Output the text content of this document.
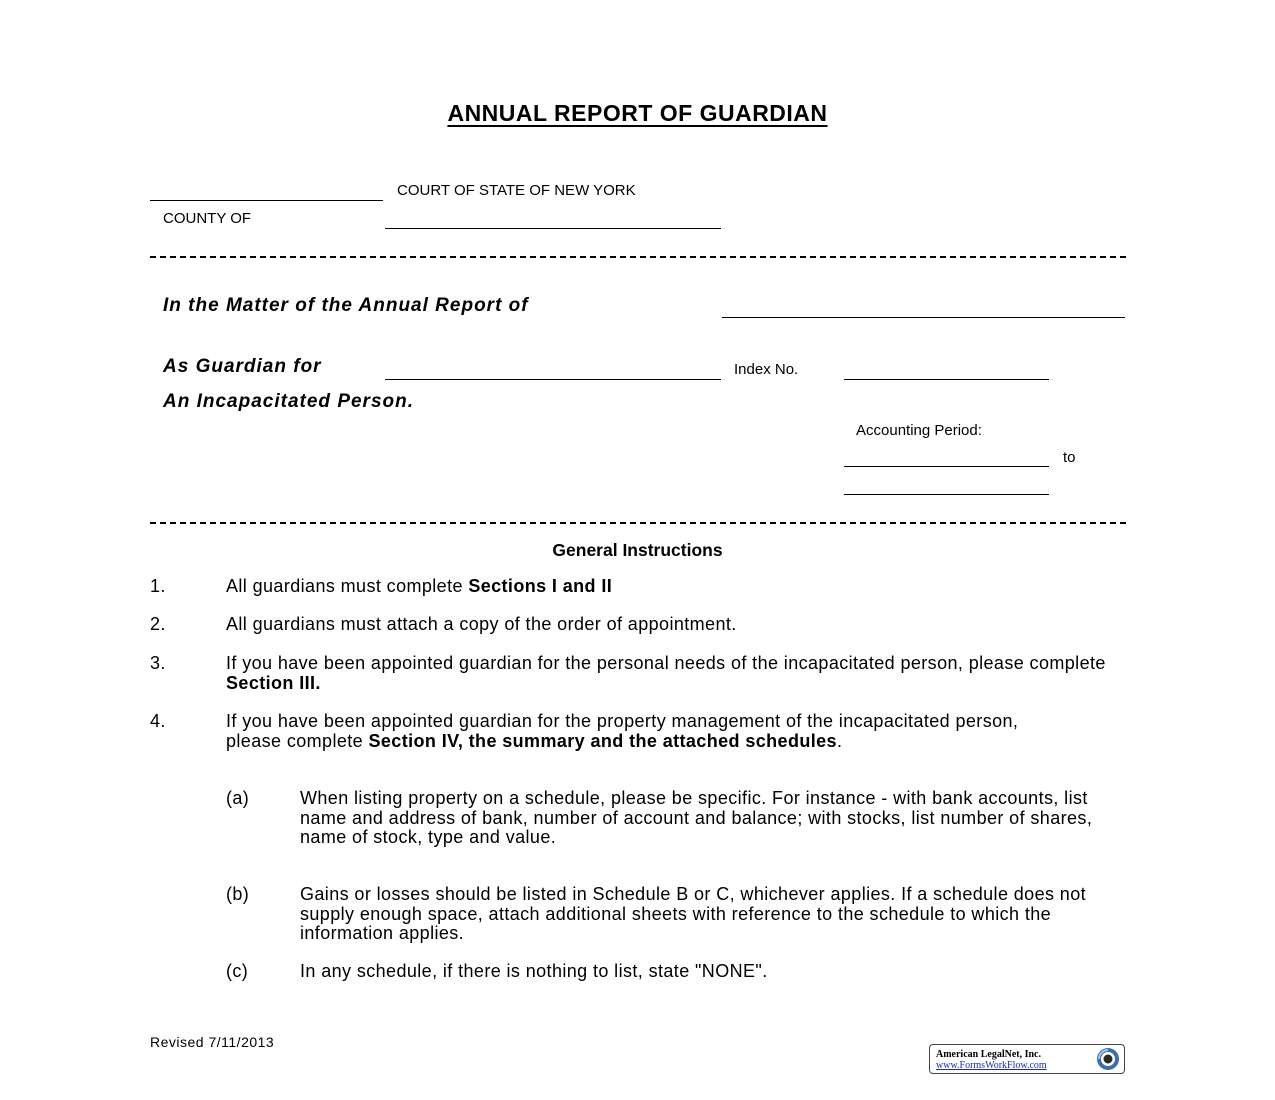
ANNUAL REPORT OF GUARDIAN
COURT OF STATE OF NEW YORK
COUNTY OF
In the Matter of the Annual Report of
As Guardian for	Index No.
An Incapacitated Person.
Accounting Period:
to
General Instructions
1.	All guardians must complete Sections I and II
2.	All guardians must attach a copy of the order of appointment.
3.	If you have been appointed guardian for the personal needs of the incapacitated person, please complete Section III.
4.	If you have been appointed guardian for the property management of the incapacitated person, please complete Section IV, the summary and the attached schedules.
(a)	When listing property on a schedule, please be specific. For instance - with bank accounts, list name and address of bank, number of account and balance; with stocks, list number of shares, name of stock, type and value.
(b)	Gains or losses should be listed in Schedule B or C, whichever applies. If a schedule does not supply enough space, attach additional sheets with reference to the schedule to which the information applies.
(c)	In any schedule, if there is nothing to list, state "NONE".
Revised 7/11/2013
American LegalNet, Inc.
www.FormsWorkFlow.com
